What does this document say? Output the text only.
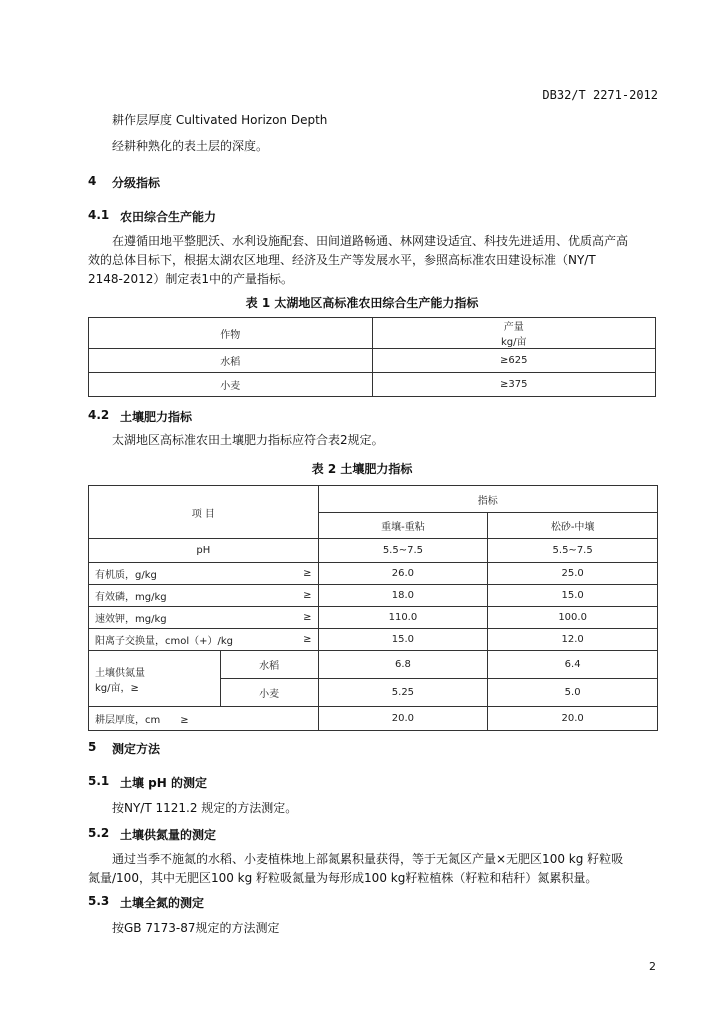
DB32/T 2271-2012
耕作层厚度 Cultivated Horizon Depth
经耕种熟化的表土层的深度。
4 分级指标
4.1 农田综合生产能力
在遵循田地平整肥沃、水利设施配套、田间道路畅通、林网建设适宜、科技先进适用、优质高产高
效的总体目标下，根据太湖农区地理、经济及生产等发展水平，参照高标准农田建设标准（NY/T
2148-2012）制定表1中的产量指标。
表 1 太湖地区高标准农田综合生产能力指标
作物	产量
kg/亩

水稻	≥625
小麦	≥375
4.2 土壤肥力指标
太湖地区高标准农田土壤肥力指标应符合表2规定。
表 2 土壤肥力指标
项 目		指标	
		重壤-重粘	松砂-中壤
pH		5.5~7.5	5.5~7.5

有机质，g/kg ≥		26.0	25.0

有效磷，mg/kg ≥		18.0	15.0

速效钾，mg/kg ≥		110.0	100.0

阳离子交换量，cmol（+）/kg ≥		15.0	12.0

土壤供氮量
kg/亩，≥	水稻	6.8	6.4
	小麦	5.25	5.0
耕层厚度，cm ≥		20.0	20.0
5 测定方法
5.1 土壤 pH 的测定
按NY/T 1121.2 规定的方法测定。
5.2 土壤供氮量的测定
通过当季不施氮的水稻、小麦植株地上部氮累积量获得，等于无氮区产量×无肥区100 kg 籽粒吸
氮量/100，其中无肥区100 kg 籽粒吸氮量为每形成100 kg籽粒植株（籽粒和秸秆）氮累积量。
5.3 土壤全氮的测定
按GB 7173-87规定的方法测定
2
